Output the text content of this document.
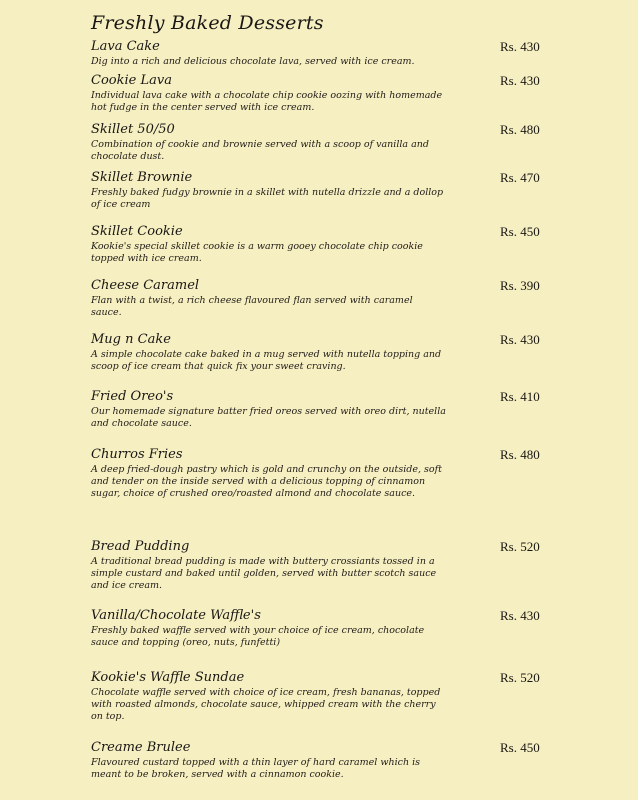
Freshly Baked Desserts
Lava Cake
Dig into a rich and delicious chocolate lava, served with ice cream.
Rs. 430
Cookie Lava
Individual lava cake with a chocolate chip cookie oozing with homemade hot fudge in the center served with ice cream.
Rs. 430
Skillet 50/50
Combination of cookie and brownie served with a scoop of vanilla and chocolate dust.
Rs. 480
Skillet Brownie
Freshly baked fudgy brownie in a skillet with nutella drizzle and a dollop of ice cream
Rs. 470
Skillet Cookie
Kookie's special skillet cookie is a warm gooey chocolate chip cookie topped with ice cream.
Rs. 450
Cheese Caramel
Flan with a twist, a rich cheese flavoured flan served with caramel sauce.
Rs. 390
Mug n Cake
A simple chocolate cake baked in a mug served with nutella topping and scoop of ice cream that quick fix your sweet craving.
Rs. 430
Fried Oreo's
Our homemade signature batter fried oreos served with oreo dirt, nutella and chocolate sauce.
Rs. 410
Churros Fries
A deep fried-dough pastry which is gold and crunchy on the outside, soft and tender on the inside served with a delicious topping of cinnamon sugar, choice of crushed oreo/roasted almond and chocolate sauce.
Rs. 480
Bread Pudding
A traditional bread pudding is made with buttery crossiants tossed in a simple custard and baked until golden, served with butter scotch sauce and ice cream.
Rs. 520
Vanilla/Chocolate Waffle's
Freshly baked waffle served with your choice of ice cream, chocolate sauce and topping (oreo, nuts, funfetti)
Rs. 430
Kookie's Waffle Sundae
Chocolate waffle served with choice of ice cream, fresh bananas, topped with roasted almonds, chocolate sauce, whipped cream with the cherry on top.
Rs. 520
Creame Brulee
Flavoured custard topped with a thin layer of hard caramel which is meant to be broken, served with a cinnamon cookie.
Rs. 450
